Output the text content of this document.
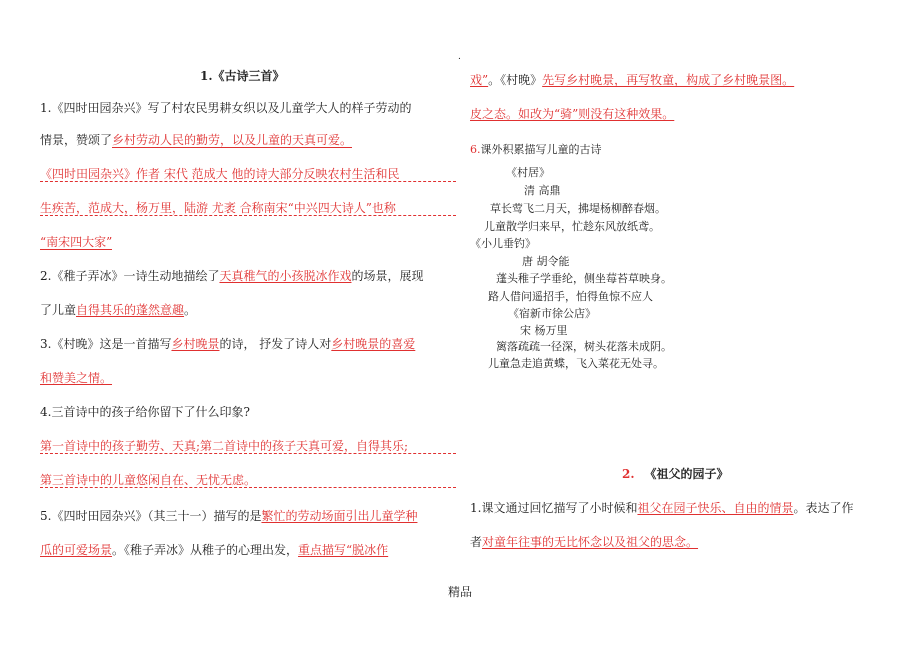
1.《古诗三首》
1.《四时田园杂兴》写了村农民男耕女织以及儿童学大人的样子劳动的
情景，赞颂了乡村劳动人民的勤劳，以及儿童的天真可爱。
《四时田园杂兴》作者 宋代 范成大 他的诗大部分反映农村生活和民
生疾苦，范成大，杨万里，陆游 尤袤 合称南宋“中兴四大诗人”也称
“南宋四大家”
2.《稚子弄冰》一诗生动地描绘了天真稚气的小孩脱冰作戏的场景，展现
了儿童自得其乐的蓬然意趣。
3.《村晚》这是一首描写乡村晚景的诗， 抒发了诗人对乡村晚景的喜爱
和赞美之情。
4.三首诗中的孩子给你留下了什么印象?
第一首诗中的孩子勤劳、天真;第二首诗中的孩子天真可爱，自得其乐;
第三首诗中的儿童悠闲自在、无忧无虑。
5.《四时田园杂兴》（其三十一）描写的是繁忙的劳动场面引出儿童学种
瓜的可爱场景。《稚子弄冰》从稚子的心理出发，重点描写“脱冰作
.
戏”。《村晚》先写乡村晚景，再写牧童，构成了乡村晚景图。
皮之态。如改为“骑”则没有这种效果。
6.课外积累描写儿童的古诗
《村居》
清 高鼎
草长莺飞二月天，拂堤杨柳醉春烟。
儿童散学归来早，忙趁东风放纸鸢。
《小儿垂钓》
唐 胡令能
蓬头稚子学垂纶，侧坐莓苔草映身。
路人借问遥招手，怕得鱼惊不应人
《宿新市徐公店》
宋 杨万里
篱落疏疏一径深，树头花落未成阴。
儿童急走追黄蝶，飞入菜花无处寻。
2. 《祖父的园子》
1.课文通过回忆描写了小时候和祖父在园子快乐、自由的情景。表达了作
者对童年往事的无比怀念以及祖父的思念。
精品
